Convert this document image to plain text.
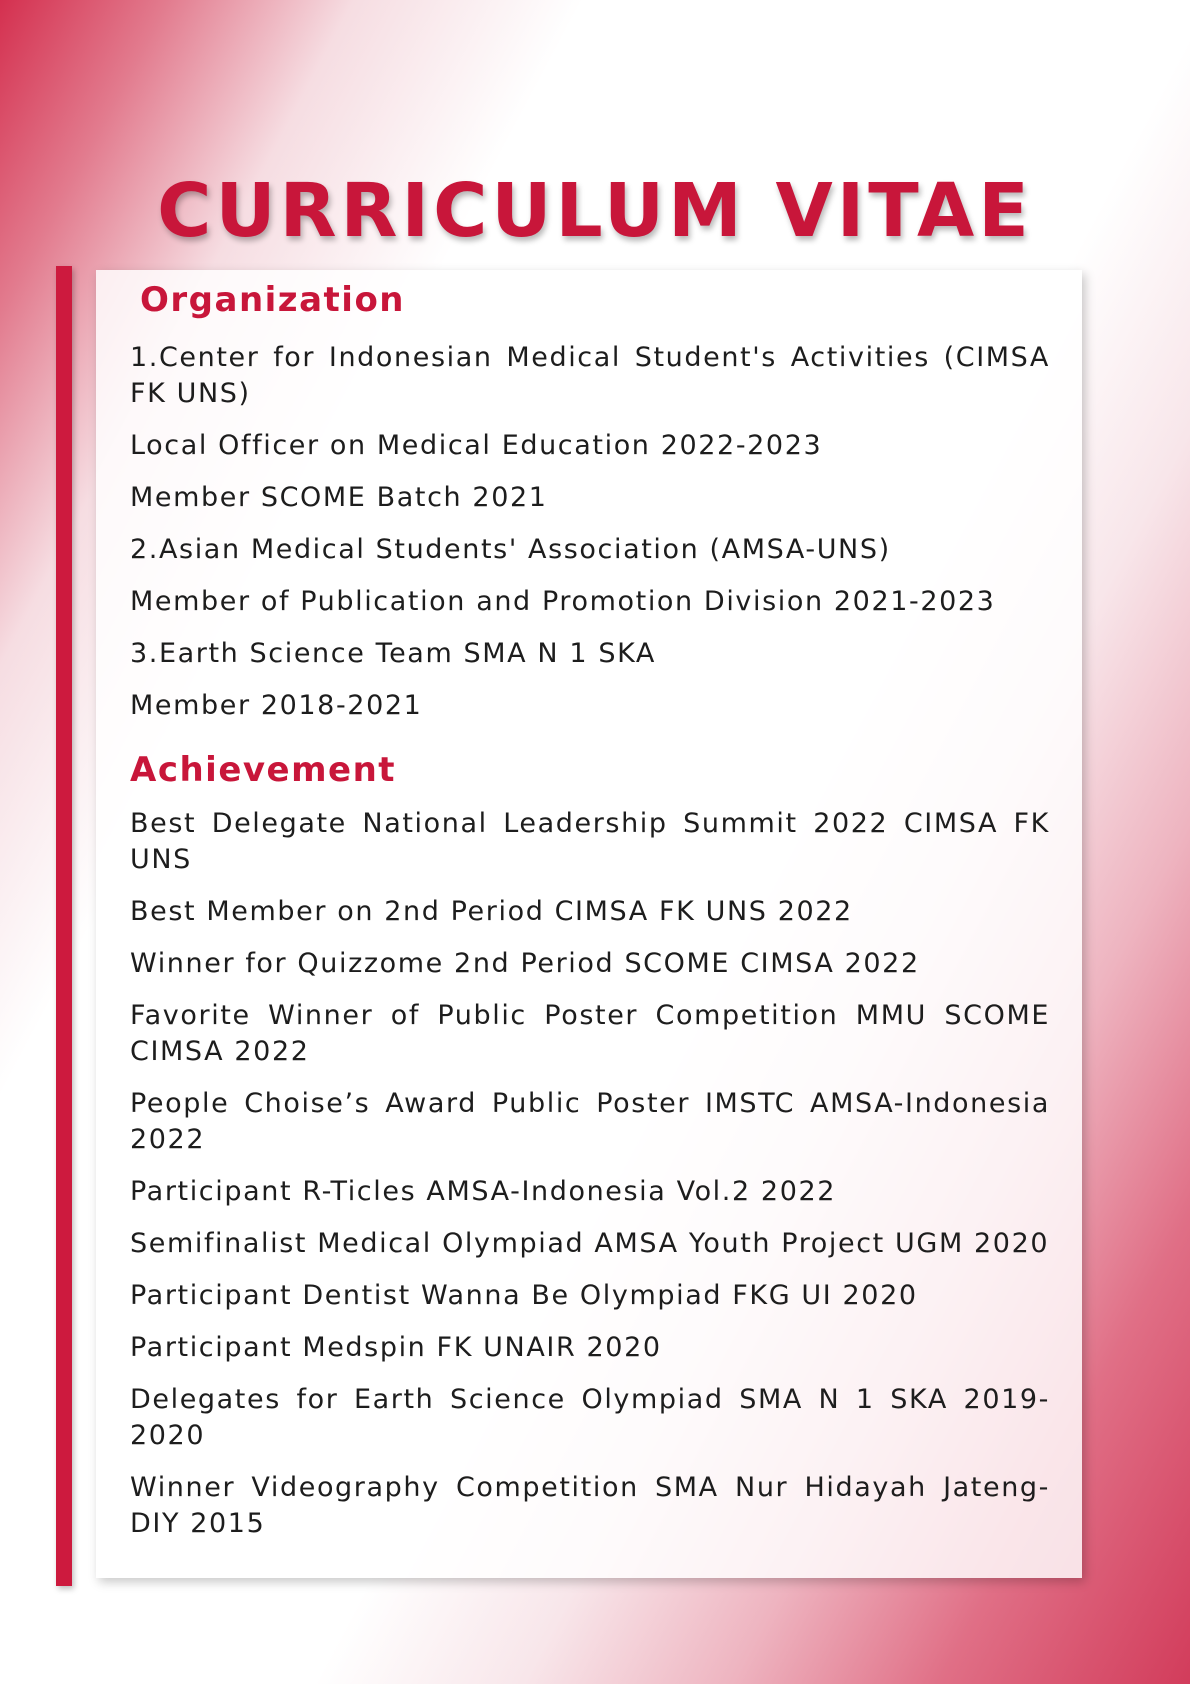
CURRICULUM VITAE
Organization
1.Center for Indonesian Medical Student's Activities (CIMSA FK UNS)
Local Officer on Medical Education 2022-2023
Member SCOME Batch 2021
2.Asian Medical Students' Association (AMSA-UNS)
Member of Publication and Promotion Division 2021-2023
3.Earth Science Team SMA N 1 SKA
Member 2018-2021
Achievement
Best Delegate National Leadership Summit 2022 CIMSA FK UNS
Best Member on 2nd Period CIMSA FK UNS 2022
Winner for Quizzome 2nd Period SCOME CIMSA 2022
Favorite Winner of Public Poster Competition MMU SCOME CIMSA 2022
People Choise’s Award Public Poster IMSTC AMSA-Indonesia 2022
Participant R-Ticles AMSA-Indonesia Vol.2 2022
Semifinalist Medical Olympiad AMSA Youth Project UGM 2020
Participant Dentist Wanna Be Olympiad FKG UI 2020
Participant Medspin FK UNAIR 2020
Delegates for Earth Science Olympiad SMA N 1 SKA 2019-2020
Winner Videography Competition SMA Nur Hidayah Jateng-DIY 2015
